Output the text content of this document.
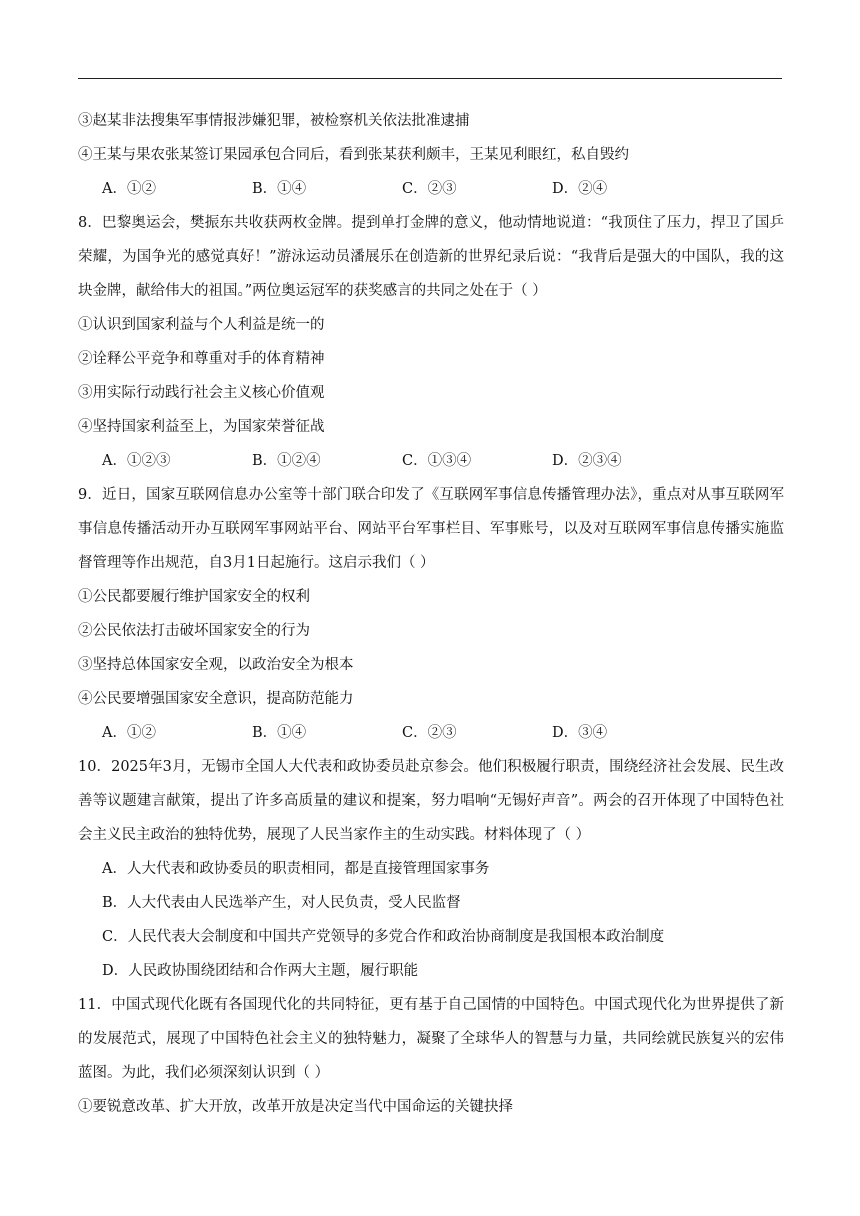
③赵某非法搜集军事情报涉嫌犯罪，被检察机关依法批准逮捕
④王某与果农张某签订果园承包合同后，看到张某获利颇丰，王某见利眼红，私自毁约
A．①②	B．①④	C．②③	D．②④
8．巴黎奥运会，樊振东共收获两枚金牌。提到单打金牌的意义，他动情地说道：“我顶住了压力，捍卫了国乒荣耀，为国争光的感觉真好！”游泳运动员潘展乐在创造新的世界纪录后说：“我背后是强大的中国队，我的这块金牌，献给伟大的祖国。”两位奥运冠军的获奖感言的共同之处在于（ ）
①认识到国家利益与个人利益是统一的
②诠释公平竞争和尊重对手的体育精神
③用实际行动践行社会主义核心价值观
④坚持国家利益至上，为国家荣誉征战
A．①②③	B．①②④	C．①③④	D．②③④
9．近日，国家互联网信息办公室等十部门联合印发了《互联网军事信息传播管理办法》，重点对从事互联网军事信息传播活动开办互联网军事网站平台、网站平台军事栏目、军事账号，以及对互联网军事信息传播实施监督管理等作出规范，自3月1日起施行。这启示我们（ ）
①公民都要履行维护国家安全的权利
②公民依法打击破坏国家安全的行为
③坚持总体国家安全观，以政治安全为根本
④公民要增强国家安全意识，提高防范能力
A．①②	B．①④	C．②③	D．③④
10．2025年3月，无锡市全国人大代表和政协委员赴京参会。他们积极履行职责，围绕经济社会发展、民生改善等议题建言献策，提出了许多高质量的建议和提案，努力唱响“无锡好声音”。两会的召开体现了中国特色社会主义民主政治的独特优势，展现了人民当家作主的生动实践。材料体现了（ ）
A．人大代表和政协委员的职责相同，都是直接管理国家事务
B．人大代表由人民选举产生，对人民负责，受人民监督
C．人民代表大会制度和中国共产党领导的多党合作和政治协商制度是我国根本政治制度
D．人民政协围绕团结和合作两大主题，履行职能
11．中国式现代化既有各国现代化的共同特征，更有基于自己国情的中国特色。中国式现代化为世界提供了新的发展范式，展现了中国特色社会主义的独特魅力，凝聚了全球华人的智慧与力量，共同绘就民族复兴的宏伟蓝图。为此，我们必须深刻认识到（ ）
①要锐意改革、扩大开放，改革开放是决定当代中国命运的关键抉择
